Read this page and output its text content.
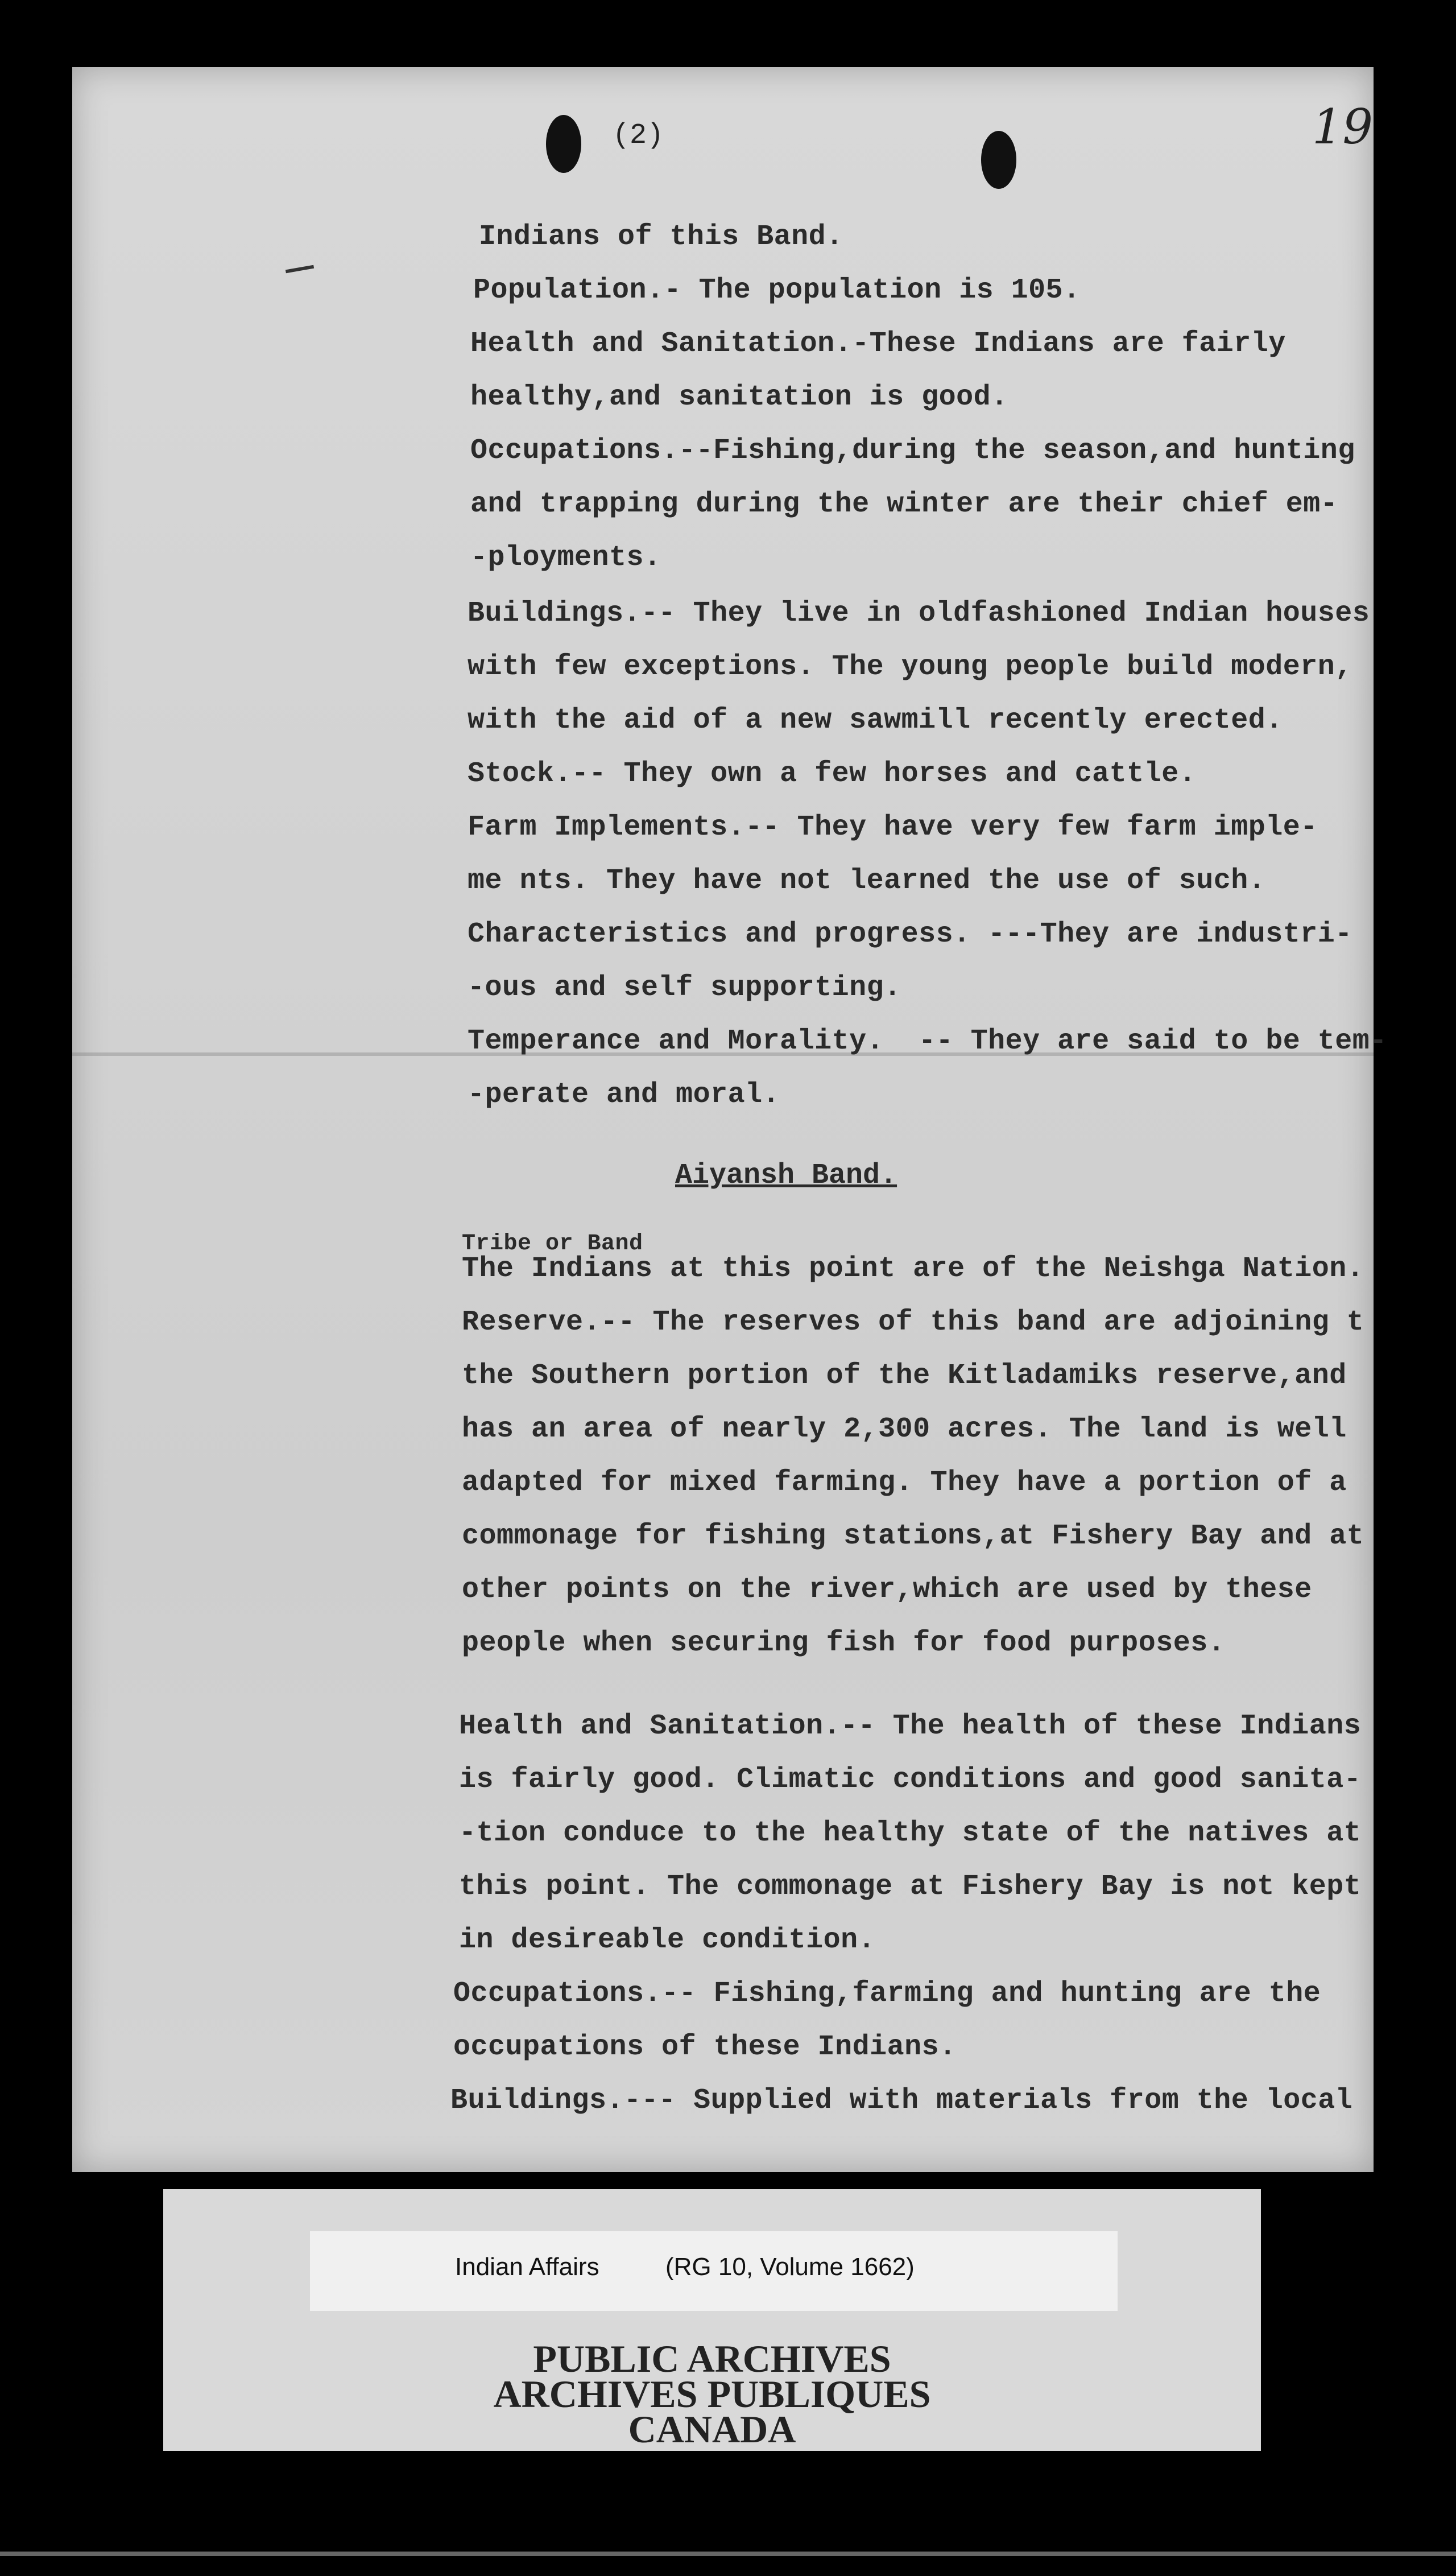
(2)	19
Indians of this Band.
Population.- The population is 105.
Health and Sanitation.-These Indians are fairly
healthy,and sanitation is good.
Occupations.--Fishing,during the season,and hunting
and trapping during the winter are their chief em-
-ployments.
Buildings.-- They live in oldfashioned Indian houses
with few exceptions. The young people build modern,
with the aid of a new sawmill recently erected.
Stock.-- They own a few horses and cattle.
Farm Implements.-- They have very few farm imple-
me nts. They have not learned the use of such.
Characteristics and progress. ---They are industri-
-ous and self supporting.
Temperance and Morality.  -- They are said to be tem-
-perate and moral.
Aiyansh Band.
Tribe or Band
The Indians at this point are of the Neishga Nation.
Reserve.-- The reserves of this band are adjoining t
the Southern portion of the Kitladamiks reserve,and
has an area of nearly 2,300 acres. The land is well
adapted for mixed farming. They have a portion of a
commonage for fishing stations,at Fishery Bay and at
other points on the river,which are used by these
people when securing fish for food purposes.
Health and Sanitation.-- The health of these Indians
is fairly good. Climatic conditions and good sanita-
-tion conduce to the healthy state of the natives at
this point. The commonage at Fishery Bay is not kept
in desireable condition.
Occupations.-- Fishing,farming and hunting are the
occupations of these Indians.
Buildings.--- Supplied with materials from the local
Indian Affairs	(RG 10, Volume 1662)
PUBLIC ARCHIVES
ARCHIVES PUBLIQUES
CANADA
